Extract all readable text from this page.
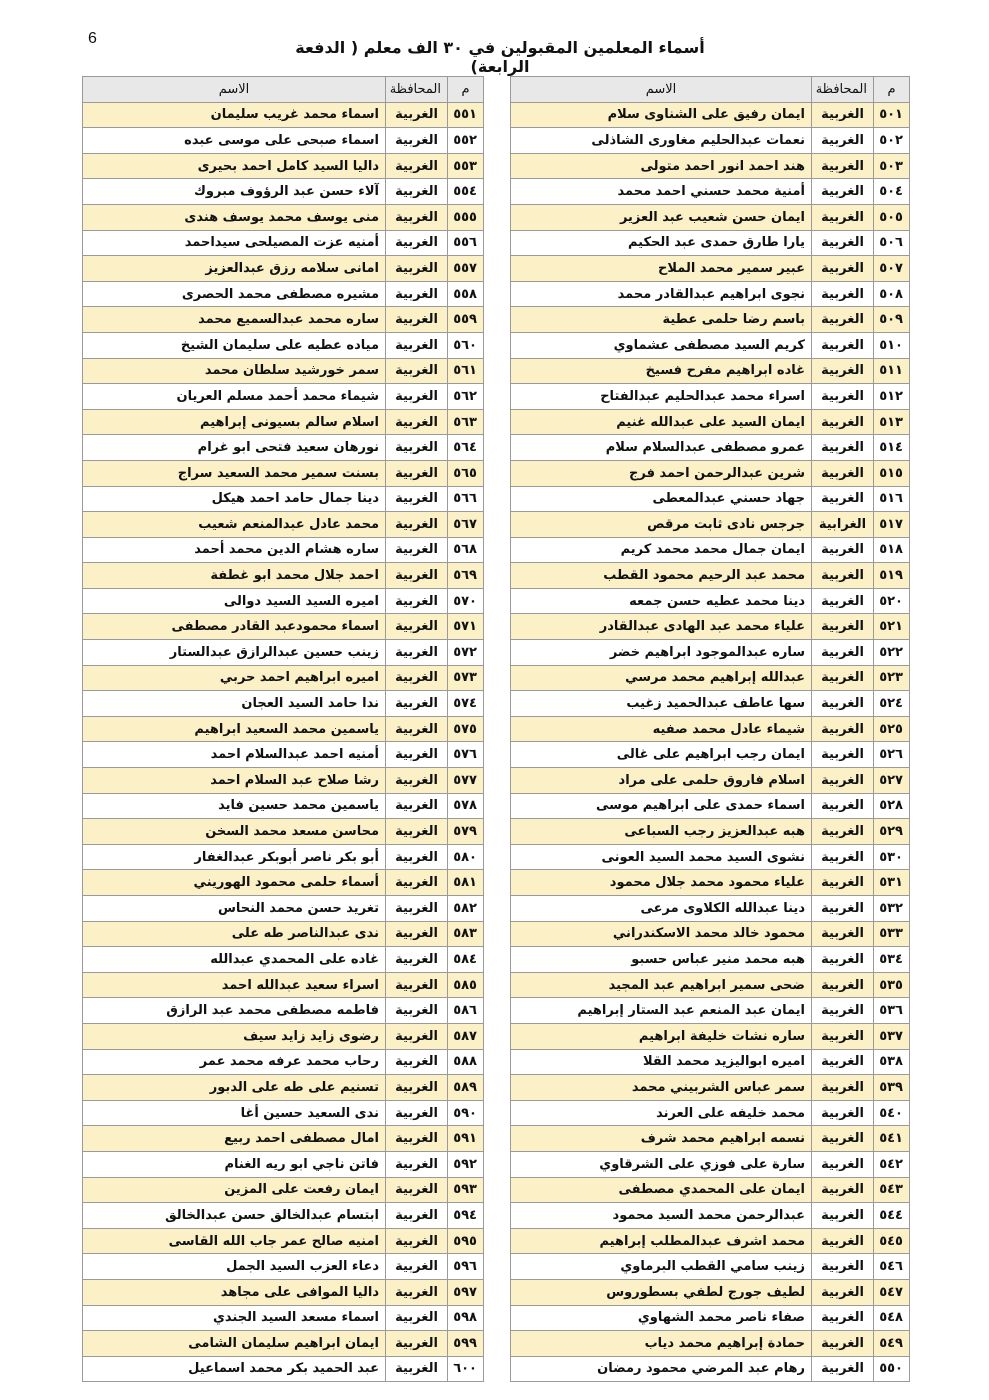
6	أسماء المعلمين المقبولين في ٣٠ الف معلم ( الدفعة الرابعة)
م	المحافظة	الاسم
٥٠١	الغربية	ايمان رفيق على الشناوى سلام
٥٠٢	الغربية	نعمات عبدالحليم مغاورى الشاذلى
٥٠٣	الغربية	هند احمد انور احمد متولى
٥٠٤	الغربية	أمنية محمد حسني احمد محمد
٥٠٥	الغربية	ايمان حسن شعيب عبد العزير
٥٠٦	الغربية	يارا طارق حمدى عبد الحكيم
٥٠٧	الغربية	عبير سمير محمد الملاح
٥٠٨	الغربية	نجوى ابراهيم عبدالقادر محمد
٥٠٩	الغربية	باسم رضا حلمى عطية
٥١٠	الغربية	كريم السيد مصطفى عشماوي
٥١١	الغربية	غاده ابراهيم مفرح فسيخ
٥١٢	الغربية	اسراء محمد عبدالحليم عبدالفتاح
٥١٣	الغربية	ايمان السيد على عبدالله غنيم
٥١٤	الغربية	عمرو مصطفى عبدالسلام سلام
٥١٥	الغربية	شرين عبدالرحمن احمد فرج
٥١٦	الغربية	جهاد حسني عبدالمعطى
٥١٧	الغرابية	جرجس نادى ثابت مرقص
٥١٨	الغربية	ايمان جمال محمد محمد كريم
٥١٩	الغربية	محمد عبد الرحيم محمود القطب
٥٢٠	الغربية	دينا محمد عطيه حسن جمعه
٥٢١	الغربية	علياء محمد عبد الهادى عبدالقادر
٥٢٢	الغربية	ساره عبدالموجود ابراهيم خضر
٥٢٣	الغربية	عبدالله إبراهيم محمد مرسي
٥٢٤	الغربية	سها عاطف عبدالحميد زغيب
٥٢٥	الغربية	شيماء عادل محمد صفيه
٥٢٦	الغربية	ايمان رجب ابراهيم على غالى
٥٢٧	الغربية	اسلام فاروق حلمى على مراد
٥٢٨	الغربية	اسماء حمدى على ابراهيم موسى
٥٢٩	الغربية	هبه عبدالعزيز رجب السباعى
٥٣٠	الغربية	نشوى السيد محمد السيد العونى
٥٣١	الغربية	علياء محمود محمد جلال محمود
٥٣٢	الغربية	دينا عبدالله الكلاوى مرعى
٥٣٣	الغربية	محمود خالد محمد الاسكندراني
٥٣٤	الغربية	هبه محمد منير عباس حسبو
٥٣٥	الغربية	ضحى سمير ابراهيم عبد المجيد
٥٣٦	الغربية	ايمان عبد المنعم عبد الستار إبراهيم
٥٣٧	الغربية	ساره نشات خليفة ابراهيم
٥٣٨	الغربية	اميره ابواليزيد محمد القلا
٥٣٩	الغربية	سمر عباس الشربيني محمد
٥٤٠	الغربية	محمد خليفه على العرند
٥٤١	الغربية	نسمه ابراهيم محمد شرف
٥٤٢	الغربية	سارة على فوزي على الشرقاوي
٥٤٣	الغربية	ايمان على المحمدي مصطفى
٥٤٤	الغربية	عبدالرحمن محمد السيد محمود
٥٤٥	الغربية	محمد اشرف عبدالمطلب إبراهيم
٥٤٦	الغربية	زينب سامي القطب البرماوي
٥٤٧	الغربية	لطيف جورج لطفي بسطوروس
٥٤٨	الغربية	صفاء ناصر محمد الشهاوي
٥٤٩	الغربية	حمادة إبراهيم محمد دياب
٥٥٠	الغربية	رهام عبد المرضي محمود رمضان
م	المحافظة	الاسم
٥٥١	الغربية	اسماء محمد غريب سليمان
٥٥٢	الغربية	اسماء صبحى على موسى عبده
٥٥٣	الغربية	داليا السيد كامل احمد بحيرى
٥٥٤	الغربية	آلاء حسن عبد الرؤوف مبروك
٥٥٥	الغربية	منى يوسف محمد يوسف هندى
٥٥٦	الغربية	أمنيه عزت المصيلحى سيداحمد
٥٥٧	الغربية	امانى سلامه رزق عبدالعزيز
٥٥٨	الغربية	مشيره مصطفى محمد الحصرى
٥٥٩	الغربية	ساره محمد عبدالسميع محمد
٥٦٠	الغربية	مياده عطيه على سليمان الشيخ
٥٦١	الغربية	سمر خورشيد سلطان محمد
٥٦٢	الغربية	شيماء محمد أحمد مسلم العريان
٥٦٣	الغربية	اسلام سالم بسيونى إبراهيم
٥٦٤	الغربية	نورهان سعيد فتحى ابو غرام
٥٦٥	الغربية	بسنت سمير محمد السعيد سراج
٥٦٦	الغربية	دينا جمال حامد احمد هيكل
٥٦٧	الغربية	محمد عادل عبدالمنعم شعيب
٥٦٨	الغربية	ساره هشام الدين محمد أحمد
٥٦٩	الغربية	احمد جلال محمد ابو غطفة
٥٧٠	الغربية	اميره السيد السيد دوالى
٥٧١	الغربية	اسماء محمودعبد القادر مصطفى
٥٧٢	الغربية	زينب حسين عبدالرازق عبدالستار
٥٧٣	الغربية	اميره ابراهيم احمد حربي
٥٧٤	الغربية	ندا حامد السيد العجان
٥٧٥	الغربية	ياسمين محمد السعيد ابراهيم
٥٧٦	الغربية	أمنيه احمد عبدالسلام احمد
٥٧٧	الغربية	رشا صلاح عبد السلام احمد
٥٧٨	الغربية	ياسمين محمد حسين فايد
٥٧٩	الغربية	محاسن مسعد محمد السخن
٥٨٠	الغربية	أبو بكر ناصر أبوبكر عبدالغفار
٥٨١	الغربية	أسماء حلمى محمود الهوريني
٥٨٢	الغربية	تغريد حسن محمد النحاس
٥٨٣	الغربية	ندى عبدالناصر طه على
٥٨٤	الغربية	غاده على المحمدي عبدالله
٥٨٥	الغربية	اسراء سعيد عبدالله احمد
٥٨٦	الغربية	فاطمه مصطفى محمد عبد الرازق
٥٨٧	الغربية	رضوى زايد زايد سيف
٥٨٨	الغربية	رحاب محمد عرفه محمد عمر
٥٨٩	الغربية	تسنيم على طه على الدبور
٥٩٠	الغربية	ندى السعيد حسين أغا
٥٩١	الغربية	امال مصطفى احمد ربيع
٥٩٢	الغربية	فاتن ناجي ابو ريه الغنام
٥٩٣	الغربية	ايمان رفعت على المزين
٥٩٤	الغربية	ابتسام عبدالخالق حسن عبدالخالق
٥٩٥	الغربية	امنيه صالح عمر جاب الله القاسى
٥٩٦	الغربية	دعاء العزب السيد الجمل
٥٩٧	الغربية	داليا الموافى على مجاهد
٥٩٨	الغربية	اسماء مسعد السيد الجندي
٥٩٩	الغربية	ايمان ابراهيم سليمان الشامى
٦٠٠	الغربية	عبد الحميد بكر محمد اسماعيل
